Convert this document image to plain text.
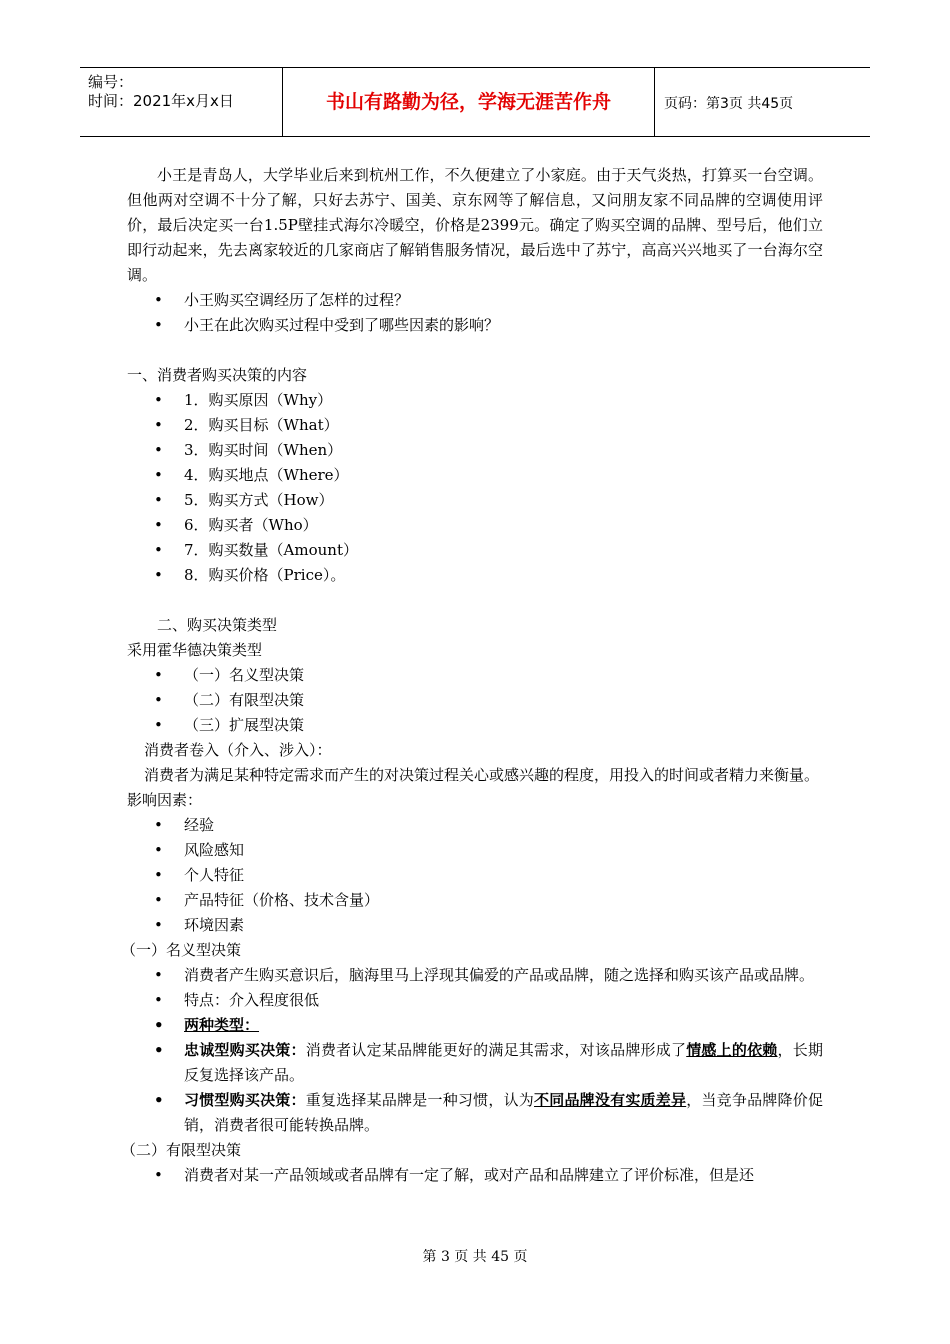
编号：
时间：2021年x月x日	书山有路勤为径，学海无涯苦作舟	页码：第3页 共45页

小王是青岛人，大学毕业后来到杭州工作，不久便建立了小家庭。由于天气炎热，打算买一台空调。但他两对空调不十分了解，只好去苏宁、国美、京东网等了解信息，又问朋友家不同品牌的空调使用评价，最后决定买一台1.5P壁挂式海尔冷暖空，价格是2399元。确定了购买空调的品牌、型号后，他们立即行动起来，先去离家较近的几家商店了解销售服务情况，最后选中了苏宁，高高兴兴地买了一台海尔空调。

• 小王购买空调经历了怎样的过程？
• 小王在此次购买过程中受到了哪些因素的影响？

一、消费者购买决策的内容

• 1．购买原因（Why）
• 2．购买目标（What）
• 3．购买时间（When）
• 4．购买地点（Where）
• 5．购买方式（How）
• 6．购买者（Who）
• 7．购买数量（Amount）
• 8．购买价格（Price）。

二、购买决策类型

采用霍华德决策类型

• （一）名义型决策
• （二）有限型决策
• （三）扩展型决策

消费者卷入（介入、涉入）：

消费者为满足某种特定需求而产生的对决策过程关心或感兴趣的程度，用投入的时间或者精力来衡量。

影响因素：

• 经验
• 风险感知
• 个人特征
• 产品特征（价格、技术含量）
• 环境因素

（一）名义型决策

• 消费者产生购买意识后，脑海里马上浮现其偏爱的产品或品牌，随之选择和购买该产品或品牌。
• 特点：介入程度很低
• 两种类型：
• 忠诚型购买决策：消费者认定某品牌能更好的满足其需求，对该品牌形成了情感上的依赖，长期反复选择该产品。
• 习惯型购买决策：重复选择某品牌是一种习惯，认为不同品牌没有实质差异，当竞争品牌降价促销，消费者很可能转换品牌。

（二）有限型决策

• 消费者对某一产品领域或者品牌有一定了解，或对产品和品牌建立了评价标准，但是还
第 3 页 共 45 页
